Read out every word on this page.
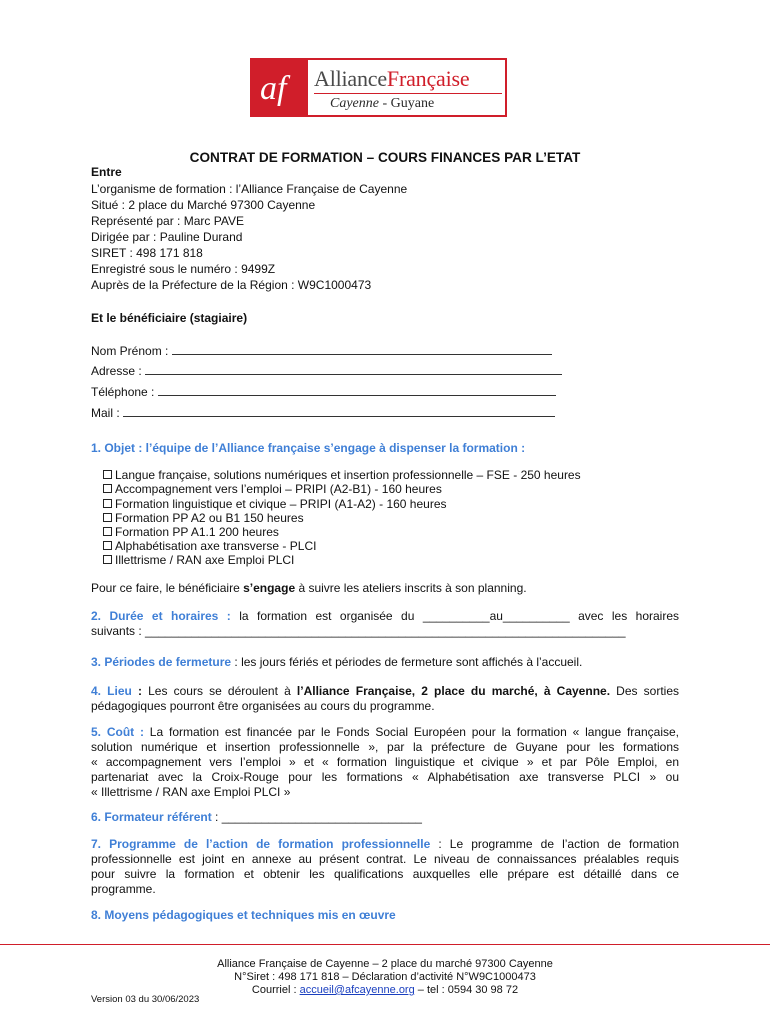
af AllianceFrançaise
Cayenne - Guyane
CONTRAT DE FORMATION – COURS FINANCES PAR L’ETAT
Entre
L’organisme de formation : l’Alliance Française de Cayenne
Situé : 2 place du Marché 97300 Cayenne
Représenté par : Marc PAVE
Dirigée par : Pauline Durand
SIRET : 498 171 818
Enregistré sous le numéro : 9499Z
Auprès de la Préfecture de la Région : W9C1000473
Et le bénéficiaire (stagiaire)
Nom Prénom :
Adresse :
Téléphone :
Mail :
1. Objet : l’équipe de l’Alliance française s’engage à dispenser la formation :
Langue française, solutions numériques et insertion professionnelle – FSE - 250 heures
Accompagnement vers l’emploi – PRIPI (A2-B1) - 160 heures
Formation linguistique et civique – PRIPI (A1-A2) - 160 heures
Formation PP A2 ou B1 150 heures
Formation PP A1.1 200 heures
Alphabétisation axe transverse - PLCI
Illettrisme / RAN axe Emploi PLCI
Pour ce faire, le bénéficiaire s’engage à suivre les ateliers inscrits à son planning.
2. Durée et horaires : la formation est organisée du __________au__________ avec les horaires
suivants : ________________________________________________________________________
3. Périodes de fermeture : les jours fériés et périodes de fermeture sont affichés à l’accueil.
4. Lieu : Les cours se déroulent à l’Alliance Française, 2 place du marché, à Cayenne. Des sorties
pédagogiques pourront être organisées au cours du programme.
5. Coût : La formation est financée par le Fonds Social Européen pour la formation « langue française,
solution numérique et insertion professionnelle », par la préfecture de Guyane pour les formations
« accompagnement vers l’emploi » et « formation linguistique et civique » et par Pôle Emploi, en
partenariat avec la Croix-Rouge pour les formations « Alphabétisation axe transverse PLCI » ou
« Illettrisme / RAN axe Emploi PLCI »
6. Formateur référent : ______________________________
7. Programme de l’action de formation professionnelle : Le programme de l’action de formation
professionnelle est joint en annexe au présent contrat. Le niveau de connaissances préalables requis
pour suivre la formation et obtenir les qualifications auxquelles elle prépare est détaillé dans ce
programme.
8. Moyens pédagogiques et techniques mis en œuvre
Alliance Française de Cayenne – 2 place du marché 97300 Cayenne
N°Siret : 498 171 818 – Déclaration d’activité N°W9C1000473
Courriel : accueil@afcayenne.org – tel : 0594 30 98 72
Version 03 du 30/06/2023
